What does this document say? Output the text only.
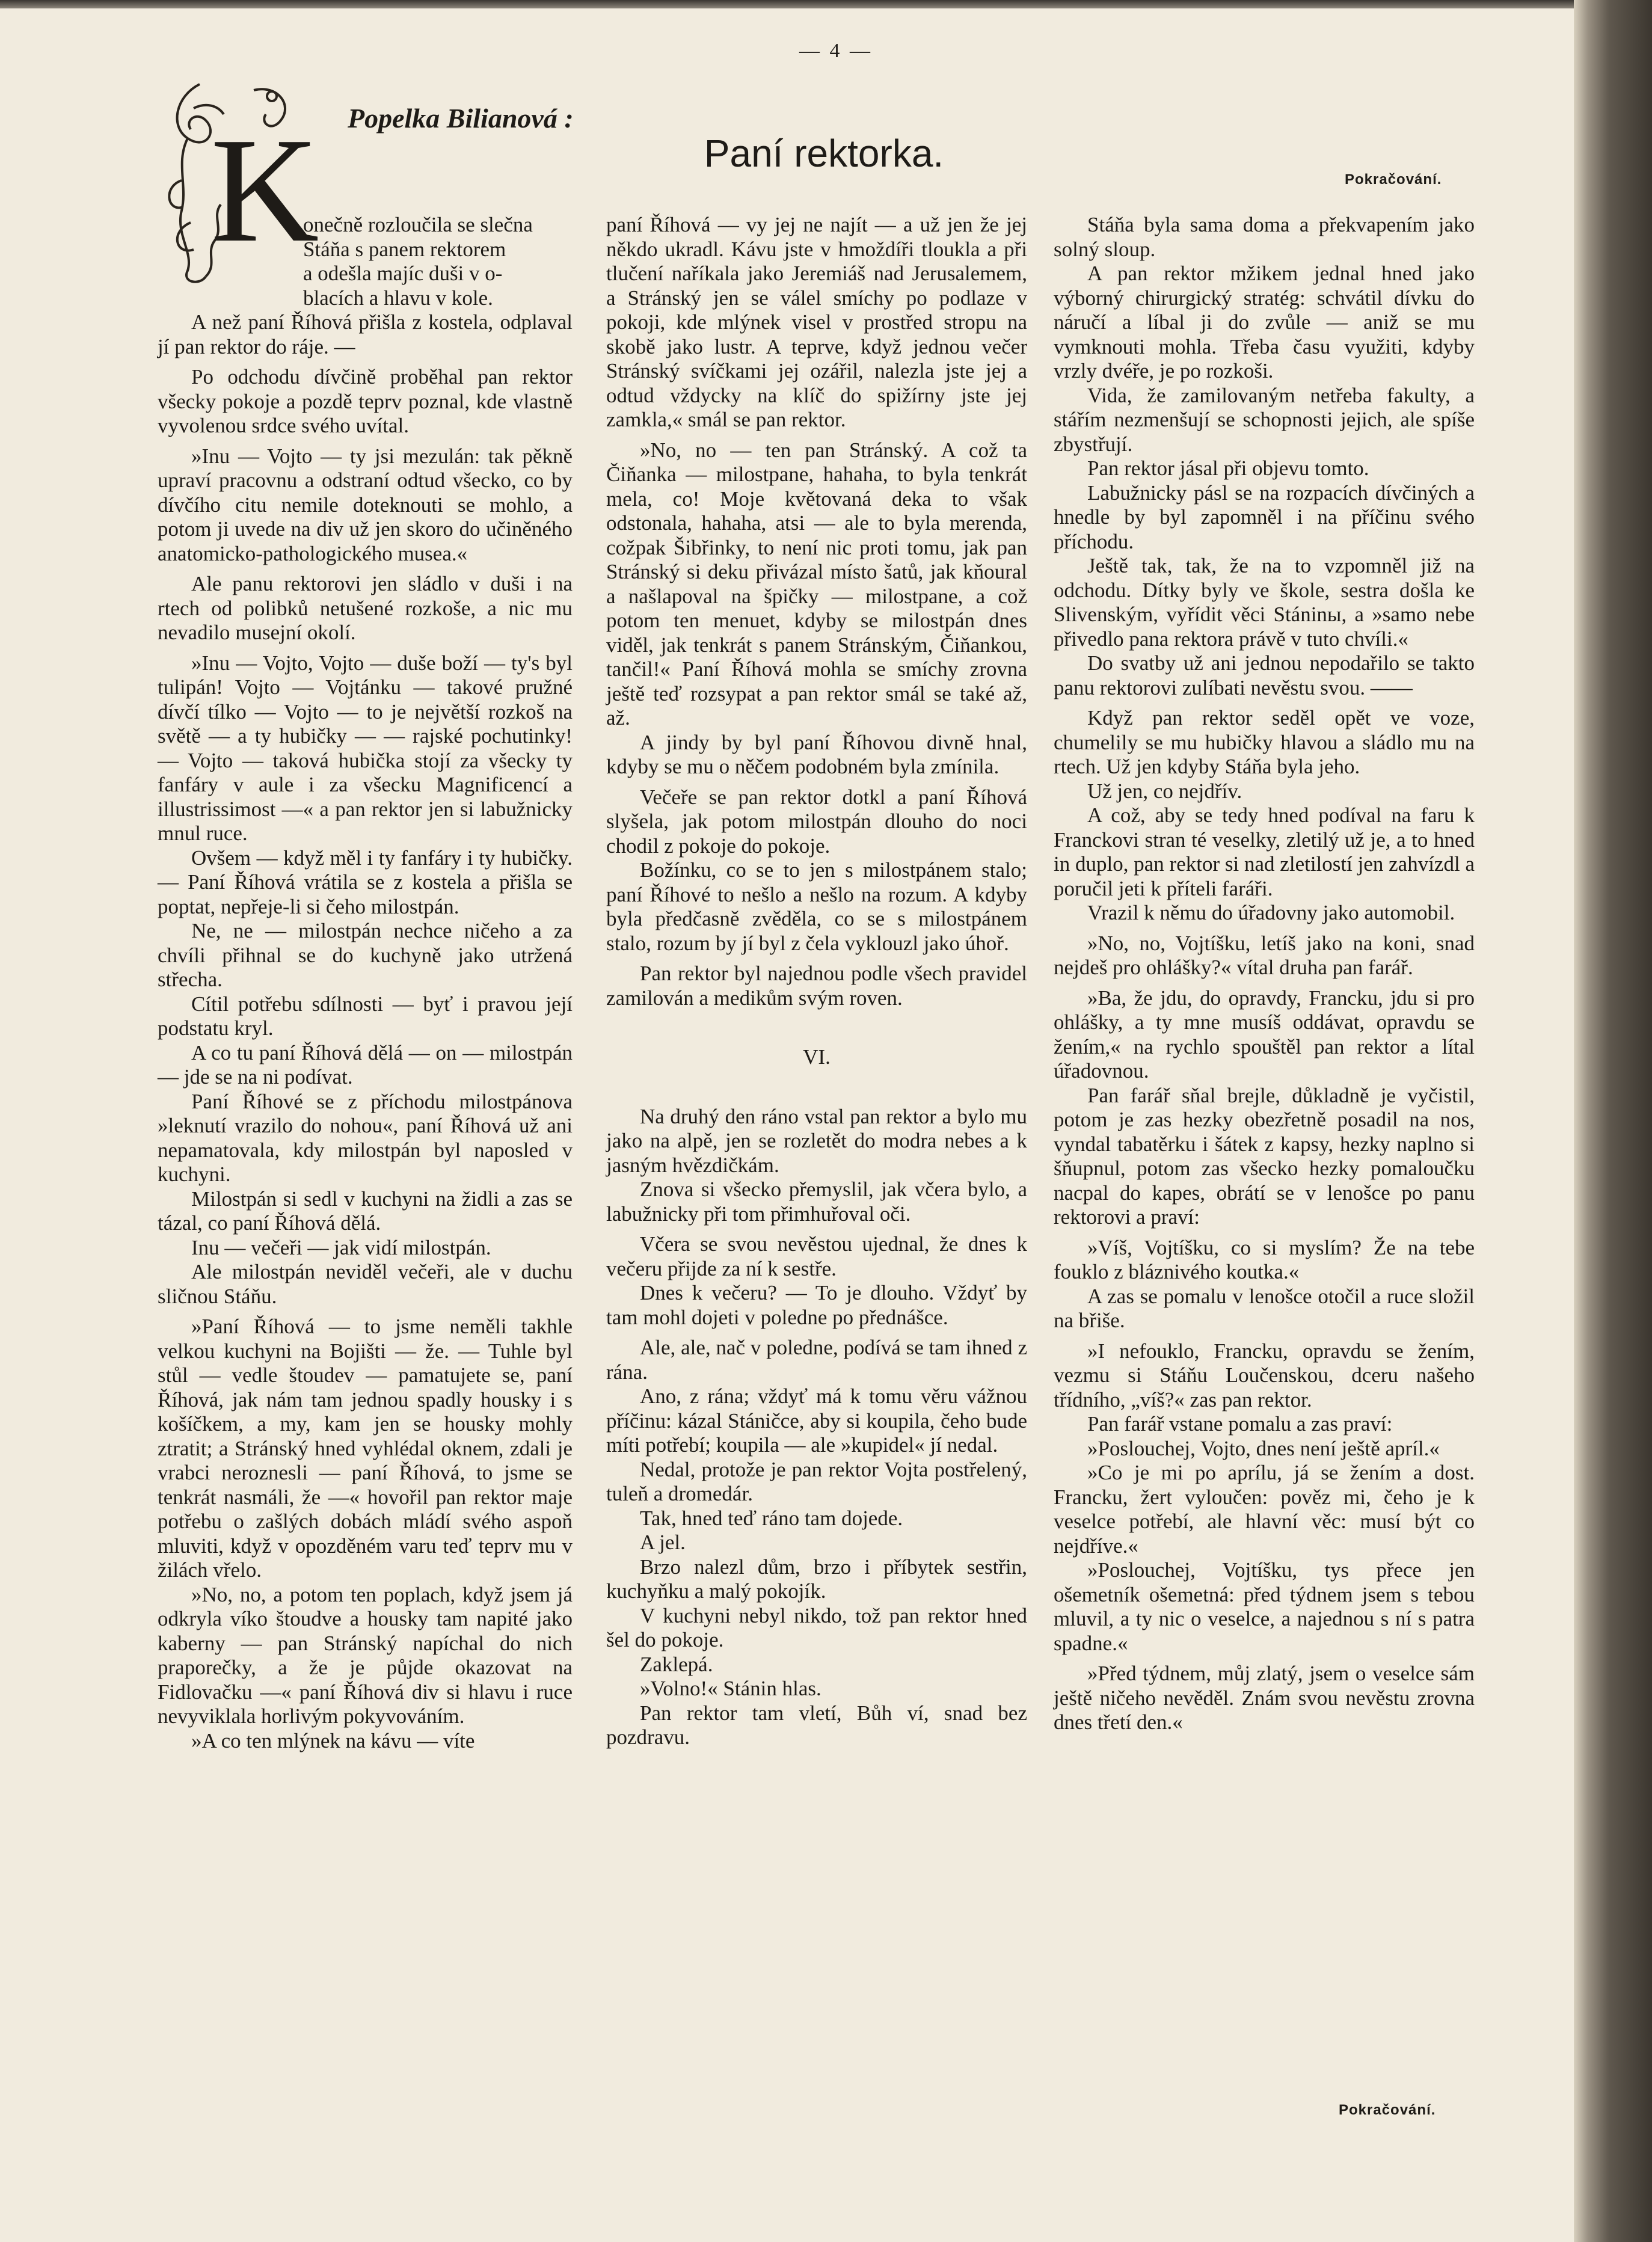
— 4 —
Popelka Bilianová :
Paní rektorka.
Pokračování.
K

onečně rozloučila se slečna
Stáňa s panem rektorem
a odešla majíc duši v o-
blacích a hlavu v kole.

A než paní Říhová přišla z kostela, odplaval jí pan rektor do ráje. —

Po odchodu dívčině proběhal pan rektor všecky pokoje a pozdě teprv poznal, kde vlastně vyvolenou srdce svého uvítal.

»Inu — Vojto — ty jsi mezulán: tak pěkně upraví pracovnu a odstraní odtud všecko, co by dívčího citu nemile doteknouti se mohlo, a potom ji uvede na div už jen skoro do učiněného anatomicko-pathologického musea.«

Ale panu rektorovi jen sládlo v duši i na rtech od polibků netušené rozkoše, a nic mu nevadilo musejní okolí.

»Inu — Vojto, Vojto — duše boží — ty's byl tulipán! Vojto — Vojtánku — takové pružné dívčí tílko — Vojto — to je největší rozkoš na světě — a ty hubičky — — rajské pochutinky! — Vojto — taková hubička stojí za všecky ty fanfáry v aule i za všecku Magnificencí a illustrissimost —« a pan rektor jen si labužnicky mnul ruce.

Ovšem — když měl i ty fanfáry i ty hubičky. — Paní Říhová vrátila se z kostela a přišla se poptat, nepřeje-li si čeho milostpán.

Ne, ne — milostpán nechce ničeho a za chvíli přihnal se do kuchyně jako utržená střecha.

Cítil potřebu sdílnosti — byť i pravou její podstatu kryl.

A co tu paní Říhová dělá — on — milostpán — jde se na ni podívat.

Paní Říhové se z příchodu milostpánova »leknutí vrazilo do nohou«, paní Říhová už ani nepamatovala, kdy milostpán byl naposled v kuchyni.

Milostpán si sedl v kuchyni na židli a zas se tázal, co paní Říhová dělá.

Inu — večeři — jak vidí milostpán.

Ale milostpán neviděl večeři, ale v duchu sličnou Stáňu.

»Paní Říhová — to jsme neměli takhle velkou kuchyni na Bojišti — že. — Tuhle byl stůl — vedle štoudev — pamatujete se, paní Říhová, jak nám tam jednou spadly housky i s košíčkem, a my, kam jen se housky mohly ztratit; a Stránský hned vyhlédal oknem, zdali je vrabci neroznesli — paní Říhová, to jsme se tenkrát nasmáli, že —« hovořil pan rektor maje potřebu o zašlých dobách mládí svého aspoň mluviti, když v opozděném varu teď teprv mu v žilách vřelo.

»No, no, a potom ten poplach, když jsem já odkryla víko štoudve a housky tam napité jako kaberny — pan Stránský napíchal do nich praporečky, a že je půjde okazovat na Fidlovačku —« paní Říhová div si hlavu i ruce nevyviklala horlivým pokyvováním.

»A co ten mlýnek na kávu — víte

paní Říhová — vy jej ne najít — a už jen že jej někdo ukradl. Kávu jste v hmoždíři tloukla a při tlučení naříkala jako Jeremiáš nad Jerusalemem, a Stránský jen se válel smíchy po podlaze v pokoji, kde mlýnek visel v prostřed stropu na skobě jako lustr. A teprve, když jednou večer Stránský svíčkami jej ozářil, nalezla jste jej a odtud vždycky na klíč do spižírny jste jej zamkla,« smál se pan rektor.

»No, no — ten pan Stránský. A což ta Čiňanka — milostpane, hahaha, to byla tenkrát mela, co! Moje květovaná deka to však odstonala, hahaha, atsi — ale to byla merenda, cožpak Šibřinky, to není nic proti tomu, jak pan Stránský si deku přivázal místo šatů, jak kňoural a našlapoval na špičky — milostpane, a což potom ten menuet, kdyby se milostpán dnes viděl, jak tenkrát s panem Stránským, Čiňankou, tančil!« Paní Říhová mohla se smíchy zrovna ještě teď rozsypat a pan rektor smál se také až, až.

A jindy by byl paní Říhovou divně hnal, kdyby se mu o něčem podobném byla zmínila.

Večeře se pan rektor dotkl a paní Říhová slyšela, jak potom milostpán dlouho do noci chodil z pokoje do pokoje.

Božínku, co se to jen s milostpánem stalo; paní Říhové to nešlo a nešlo na rozum. A kdyby byla předčasně zvěděla, co se s milostpánem stalo, rozum by jí byl z čela vyklouzl jako úhoř.

Pan rektor byl najednou podle všech pravidel zamilován a medikům svým roven.

VI.

Na druhý den ráno vstal pan rektor a bylo mu jako na alpě, jen se rozletět do modra nebes a k jasným hvězdičkám.

Znova si všecko přemyslil, jak včera bylo, a labužnicky při tom přimhuřoval oči.

Včera se svou nevěstou ujednal, že dnes k večeru přijde za ní k sestře.

Dnes k večeru? — To je dlouho. Vždyť by tam mohl dojeti v poledne po přednášce.

Ale, ale, nač v poledne, podívá se tam ihned z rána.

Ano, z rána; vždyť má k tomu věru vážnou příčinu: kázal Stáničce, aby si koupila, čeho bude míti potřebí; koupila — ale »kupidel« jí nedal.

Nedal, protože je pan rektor Vojta postřelený, tuleň a dromedár.

Tak, hned teď ráno tam dojede.

A jel.

Brzo nalezl dům, brzo i příbytek sestřin, kuchyňku a malý pokojík.

V kuchyni nebyl nikdo, tož pan rektor hned šel do pokoje.

Zaklepá.

»Volno!« Stánin hlas.

Pan rektor tam vletí, Bůh ví, snad bez pozdravu.

Stáňa byla sama doma a překvapením jako solný sloup.

A pan rektor mžikem jednal hned jako výborný chirurgický stratég: schvátil dívku do náručí a líbal ji do zvůle — aniž se mu vymknouti mohla. Třeba času využiti, kdyby vrzly dvéře, je po rozkoši.

Vida, že zamilovaným netřeba fakulty, a stářím nezmenšují se schopnosti jejich, ale spíše zbystřují.

Pan rektor jásal při objevu tomto.

Labužnicky pásl se na rozpacích dívčiných a hnedle by byl zapomněl i na příčinu svého příchodu.

Ještě tak, tak, že na to vzpomněl již na odchodu. Dítky byly ve škole, sestra došla ke Slivenským, vyřídit věci Stáninы, a »samo nebe přivedlo pana rektora právě v tuto chvíli.«

Do svatby už ani jednou nepodařilo se takto panu rektorovi zulíbati nevěstu svou. ——

Když pan rektor seděl opět ve voze, chumelily se mu hubičky hlavou a sládlo mu na rtech. Už jen kdyby Stáňa byla jeho.

Už jen, co nejdřív.

A což, aby se tedy hned podíval na faru k Franckovi stran té veselky, zletilý už je, a to hned in duplo, pan rektor si nad zletilostí jen zahvízdl a poručil jeti k příteli faráři.

Vrazil k němu do úřadovny jako automobil.

»No, no, Vojtíšku, letíš jako na koni, snad nejdeš pro ohlášky?« vítal druha pan farář.

»Ba, že jdu, do opravdy, Francku, jdu si pro ohlášky, a ty mne musíš oddávat, opravdu se žením,« na rychlo spouštěl pan rektor a lítal úřadovnou.

Pan farář sňal brejle, důkladně je vyčistil, potom je zas hezky obezřetně posadil na nos, vyndal tabatěrku i šátek z kapsy, hezky naplno si šňupnul, potom zas všecko hezky pomaloučku nacpal do kapes, obrátí se v lenošce po panu rektorovi a praví:

»Víš, Vojtíšku, co si myslím? Že na tebe fouklo z bláznivého koutka.«

A zas se pomalu v lenošce otočil a ruce složil na břiše.

»I nefouklo, Francku, opravdu se žením, vezmu si Stáňu Loučenskou, dceru našeho třídního, „víš?« zas pan rektor.

Pan farář vstane pomalu a zas praví:

»Poslouchej, Vojto, dnes není ještě apríl.«

»Co je mi po aprílu, já se žením a dost. Francku, žert vyloučen: pověz mi, čeho je k veselce potřebí, ale hlavní věc: musí být co nejdříve.«

»Poslouchej, Vojtíšku, tys přece jen ošemetník ošemetná: před týdnem jsem s tebou mluvil, a ty nic o veselce, a najednou s ní s patra spadne.«

»Před týdnem, můj zlatý, jsem o veselce sám ještě ničeho nevěděl. Znám svou nevěstu zrovna dnes třetí den.«

Pokračování.
